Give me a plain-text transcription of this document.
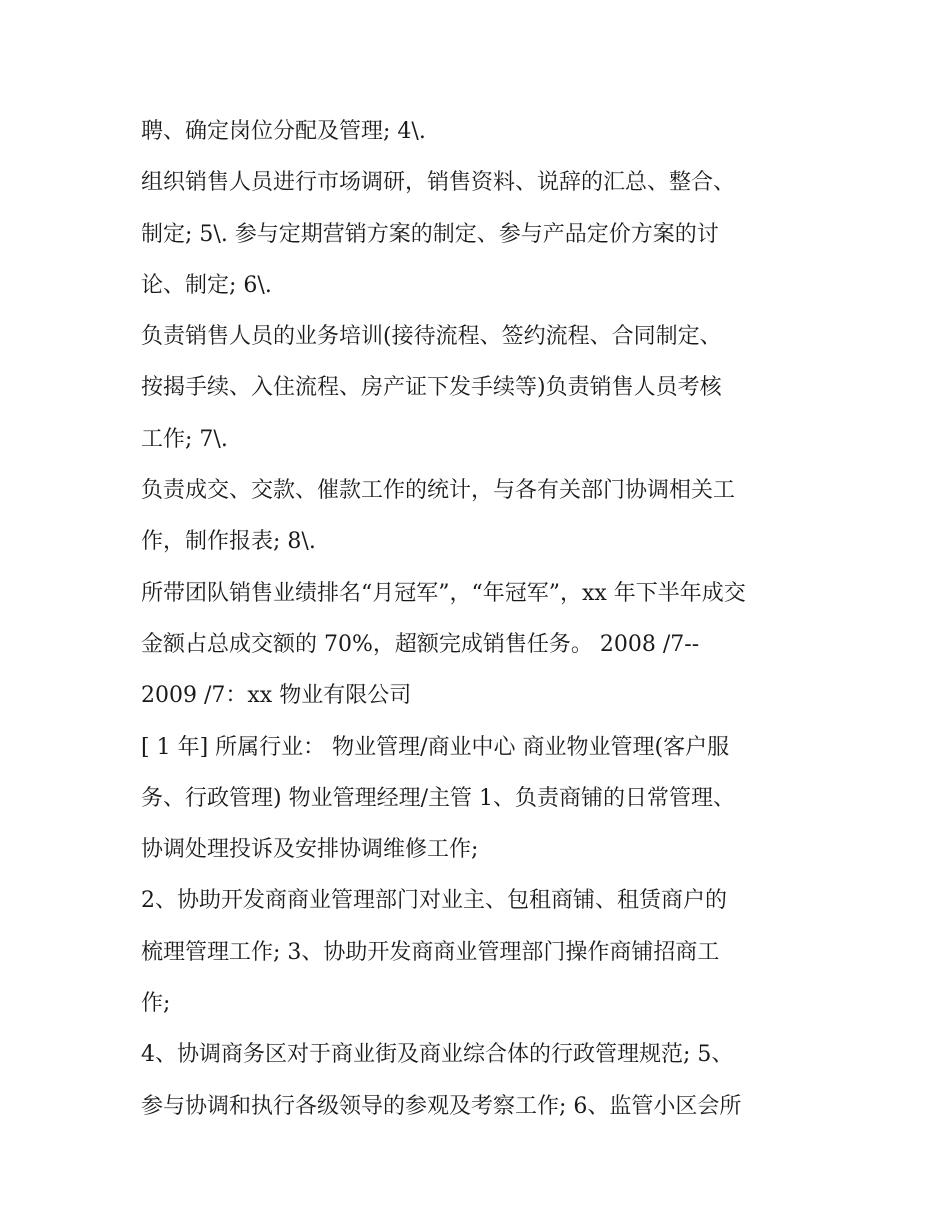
聘、确定岗位分配及管理; 4\.

组织销售人员进行市场调研，销售资料、说辞的汇总、整合、

制定; 5\. 参与定期营销方案的制定、参与产品定价方案的讨

论、制定; 6\.

负责销售人员的业务培训(接待流程、签约流程、合同制定、

按揭手续、入住流程、房产证下发手续等)负责销售人员考核

工作; 7\.

负责成交、交款、催款工作的统计，与各有关部门协调相关工

作，制作报表; 8\.

所带团队销售业绩排名“月冠军”，“年冠军”，xx 年下半年成交

金额占总成交额的 70%，超额完成销售任务。 2008 /7--

2009 /7：xx 物业有限公司

[ 1 年] 所属行业： 物业管理/商业中心 商业物业管理(客户服

务、行政管理) 物业管理经理/主管 1、负责商铺的日常管理、

协调处理投诉及安排协调维修工作;

2、协助开发商商业管理部门对业主、包租商铺、租赁商户的

梳理管理工作; 3、协助开发商商业管理部门操作商铺招商工

作;

4、协调商务区对于商业街及商业综合体的行政管理规范; 5、

参与协调和执行各级领导的参观及考察工作; 6、监管小区会所
